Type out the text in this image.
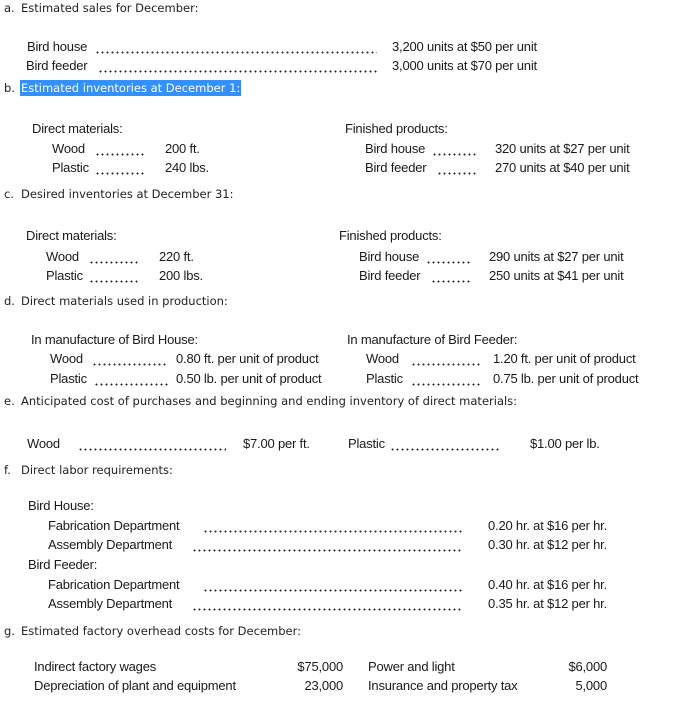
a. Estimated sales for December:
Bird house	3,200 units at $50 per unit
Bird feeder	3,000 units at $70 per unit
b. Estimated inventories at December 1:
Direct materials:	Finished products:
Wood	200 ft.
Plastic	240 lbs.
Bird house	320 units at $27 per unit
Bird feeder	270 units at $40 per unit
c. Desired inventories at December 31:
Direct materials:	Finished products:
Wood	220 ft.
Plastic	200 lbs.
Bird house	290 units at $27 per unit
Bird feeder	250 units at $41 per unit
d. Direct materials used in production:
In manufacture of Bird House:	In manufacture of Bird Feeder:
Wood	0.80 ft. per unit of product
Plastic	0.50 lb. per unit of product
Wood	1.20 ft. per unit of product
Plastic	0.75 lb. per unit of product
e. Anticipated cost of purchases and beginning and ending inventory of direct materials:
Wood	$7.00 per ft.	Plastic	$1.00 per lb.
f. Direct labor requirements:
Bird House:
Fabrication Department	0.20 hr. at $16 per hr.
Assembly Department	0.30 hr. at $12 per hr.
Bird Feeder:
Fabrication Department	0.40 hr. at $16 per hr.
Assembly Department	0.35 hr. at $12 per hr.
g. Estimated factory overhead costs for December:
Indirect factory wages	$75,000
Depreciation of plant and equipment	23,000
Power and light	$6,000
Insurance and property tax	5,000
